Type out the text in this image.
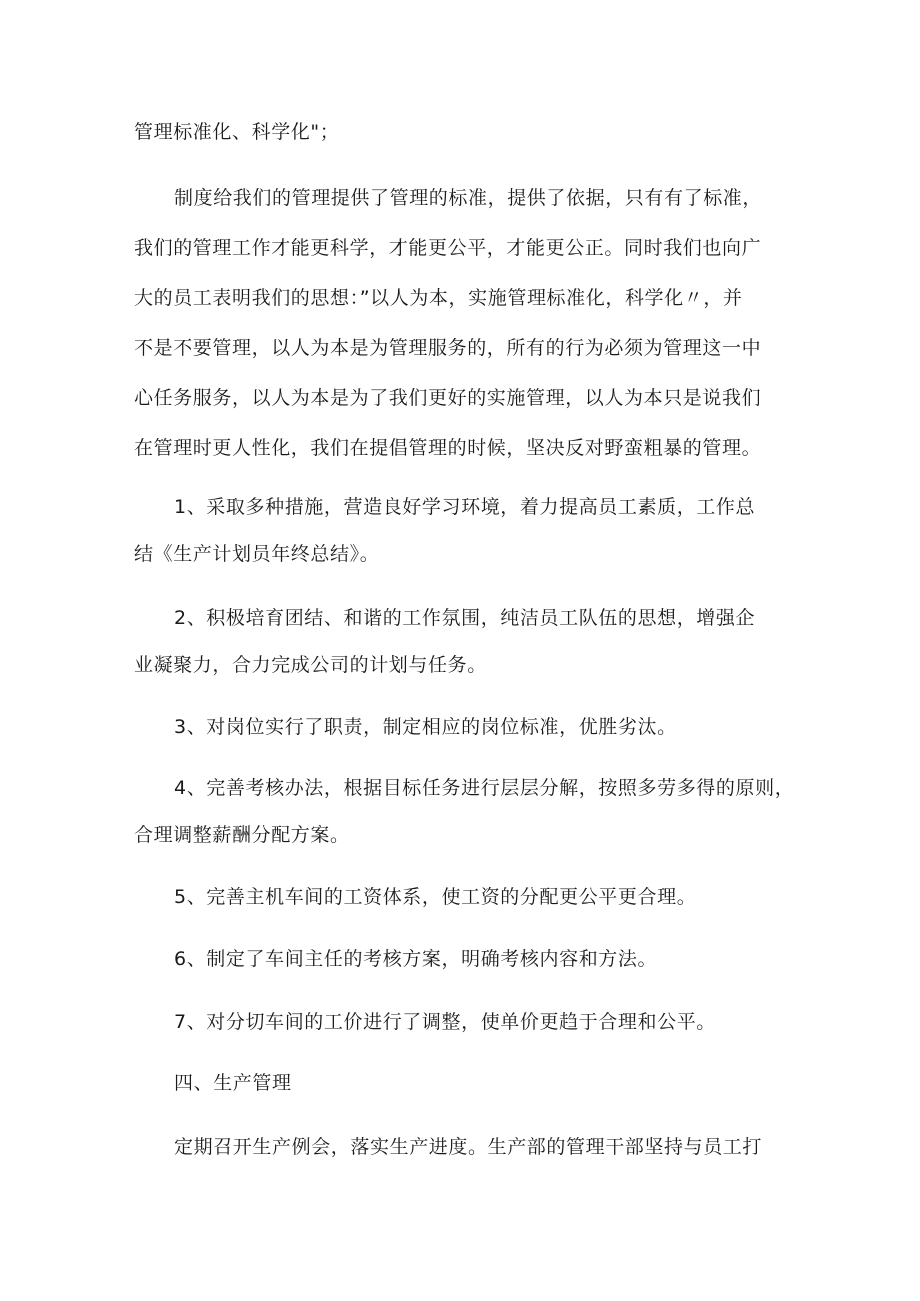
管理标准化、科学化"；
制度给我们的管理提供了管理的标准，提供了依据，只有有了标准，
我们的管理工作才能更科学，才能更公平，才能更公正。同时我们也向广
大的员工表明我们的思想：”以人为本，实施管理标准化，科学化〃，并
不是不要管理，以人为本是为管理服务的，所有的行为必须为管理这一中
心任务服务，以人为本是为了我们更好的实施管理，以人为本只是说我们
在管理时更人性化，我们在提倡管理的时候，坚决反对野蛮粗暴的管理。
1、采取多种措施，营造良好学习环境，着力提高员工素质，工作总
结《生产计划员年终总结》。
2、积极培育团结、和谐的工作氛围，纯洁员工队伍的思想，增强企
业凝聚力，合力完成公司的计划与任务。
3、对岗位实行了职责，制定相应的岗位标准，优胜劣汰。
4、完善考核办法，根据目标任务进行层层分解，按照多劳多得的原则，
合理调整薪酬分配方案。
5、完善主机车间的工资体系，使工资的分配更公平更合理。
6、制定了车间主任的考核方案，明确考核内容和方法。
7、对分切车间的工价进行了调整，使单价更趋于合理和公平。
四、生产管理
定期召开生产例会，落实生产进度。生产部的管理干部坚持与员工打
